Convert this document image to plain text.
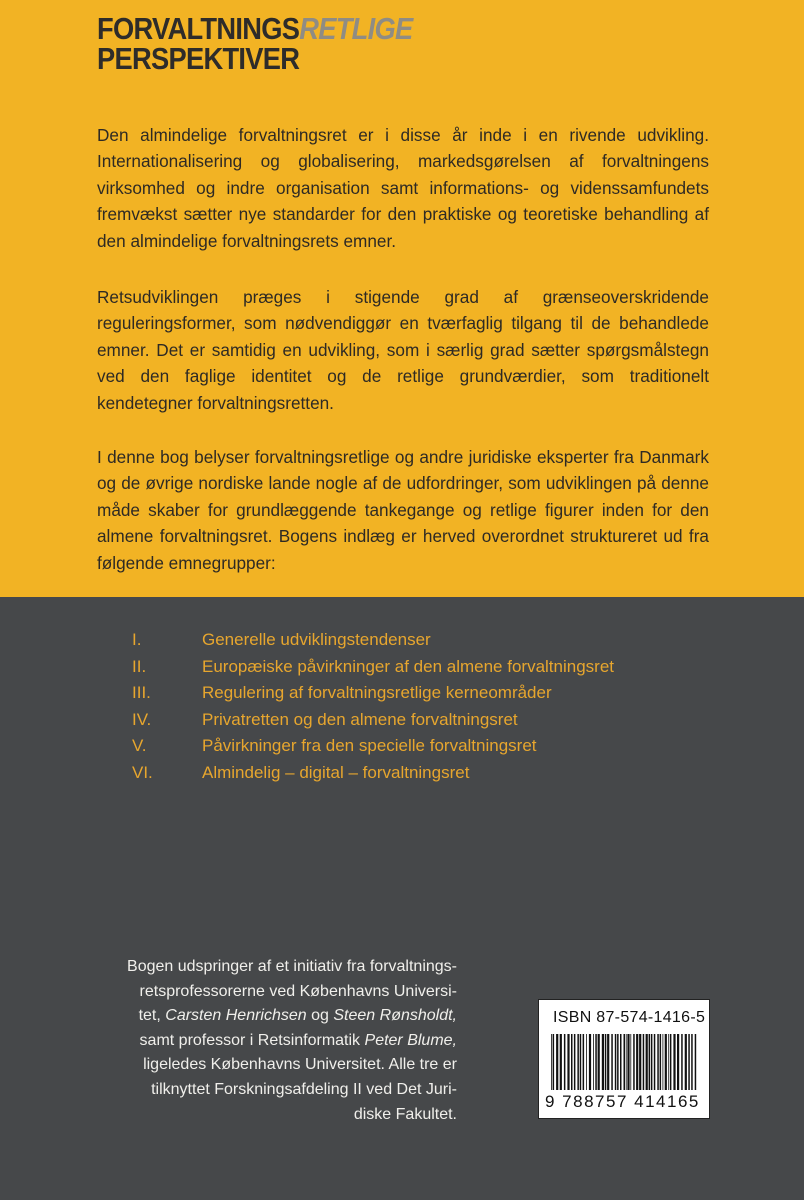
FORVALTNINGSRETLIGE
PERSPEKTIVER

Den almindelige forvaltningsret er i disse år inde i en rivende udvikling. Internationalisering og globalisering, markedsgørelsen af forvaltningens virksomhed og indre organisation samt informations- og videnssamfundets fremvækst sætter nye standarder for den praktiske og teoretiske behandling af den almindelige forvaltningsrets emner.

Retsudviklingen præges i stigende grad af grænseoverskridende reguleringsformer, som nødvendiggør en tværfaglig tilgang til de behandlede emner. Det er samtidig en udvikling, som i særlig grad sætter spørgsmålstegn ved den faglige identitet og de retlige grundværdier, som traditionelt kendetegner forvaltningsretten.

I denne bog belyser forvaltningsretlige og andre juridiske eksperter fra Danmark og de øvrige nordiske lande nogle af de udfordringer, som udviklingen på denne måde skaber for grundlæggende tankegange og retlige figurer inden for den almene forvaltningsret. Bogens indlæg er herved overordnet struktureret ud fra følgende emnegrupper:

I.	Generelle udviklingstendenser
II.	Europæiske påvirkninger af den almene forvaltningsret
III.	Regulering af forvaltningsretlige kerneområder
IV.	Privatretten og den almene forvaltningsret
V.	Påvirkninger fra den specielle forvaltningsret
VI.	Almindelig – digital – forvaltningsret

Bogen udspringer af et initiativ fra forvaltnings-
retsprofessorerne ved Københavns Universi-
tet, Carsten Henrichsen og Steen Rønsholdt,
samt professor i Retsinformatik Peter Blume,
ligeledes Københavns Universitet. Alle tre er
tilknyttet Forskningsafdeling II ved Det Juri-
diske Fakultet.

ISBN 87-574-1416-5
9 788757 414165
